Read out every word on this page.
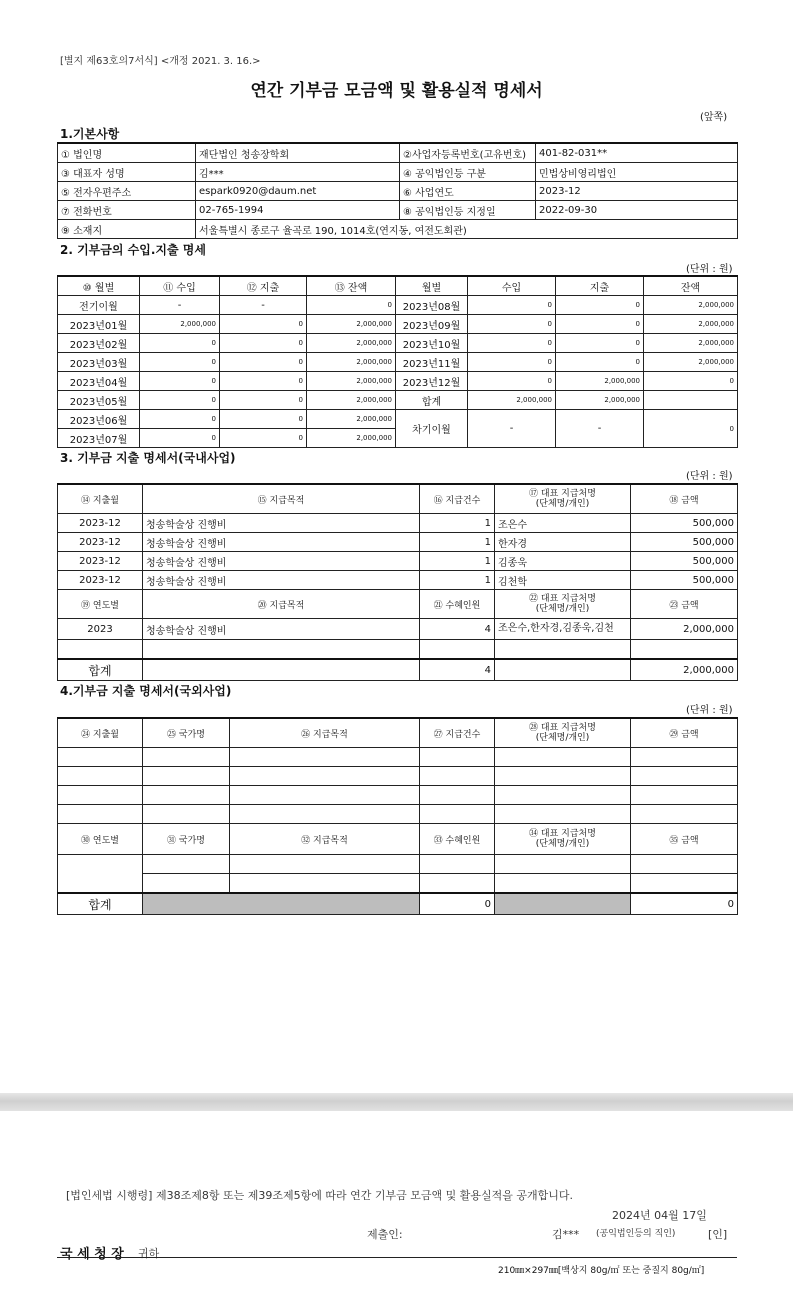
[별지 제63호의7서식] <개정 2021. 3. 16.>
연간 기부금 모금액 및 활용실적 명세서
(앞쪽)
1.기본사항
① 법인명	재단법인 청송장학회	②사업자등록번호(고유번호)	401-82-031**
③ 대표자 성명	김***	④ 공익법인등 구분	민법상비영리법인
⑤ 전자우편주소	espark0920@daum.net	⑥ 사업연도	2023-12
⑦ 전화번호	02-765-1994	⑧ 공익법인등 지정일	2022-09-30
⑨ 소재지	서울특별시 종로구 율곡로 190, 1014호(연지동, 여전도회관)		
2. 기부금의 수입.지출 명세
(단위 : 원)
⑩ 월별	⑪ 수입	⑫ 지출	⑬ 잔액	월별	수입	지출	잔액
전기이월	-	-	0	2023년08월	0	0	2,000,000
2023년01월	2,000,000	0	2,000,000	2023년09월	0	0	2,000,000
2023년02월	0	0	2,000,000	2023년10월	0	0	2,000,000
2023년03월	0	0	2,000,000	2023년11월	0	0	2,000,000
2023년04월	0	0	2,000,000	2023년12월	0	2,000,000	0
2023년05월	0	0	2,000,000	합계	2,000,000	2,000,000	
2023년06월	0	0	2,000,000	차기이월	-	-	0
2023년07월	0	0	2,000,000				
3. 기부금 지출 명세서(국내사업)
(단위 : 원)
⑭ 지출월	⑮ 지급목적	⑯ 지급건수	⑰ 대표 지급처명
(단체명/개인)	⑱ 금액
2023-12	청송학술상 진행비	1	조은수	500,000
2023-12	청송학술상 진행비	1	한자경	500,000
2023-12	청송학술상 진행비	1	김종욱	500,000
2023-12	청송학술상 진행비	1	김천학	500,000
⑲ 연도별	⑳ 지급목적	㉑ 수혜인원	㉒ 대표 지급처명
(단체명/개인)	㉓ 금액
2023	청송학술상 진행비	4	조은수,한자경,김종욱,김천	2,000,000

합계		4		2,000,000
4.기부금 지출 명세서(국외사업)
(단위 : 원)
㉔ 지출월	㉕ 국가명	㉖ 지급목적	㉗ 지급건수	㉘ 대표 지급처명
(단체명/개인)	㉙ 금액

㉚ 연도별	㉛ 국가명	㉜ 지급목적	㉝ 수혜인원	㉞ 대표 지급처명
(단체명/개인)	㉟ 금액

합계			0		0
[법인세법 시행령] 제38조제8항 또는 제39조제5항에 따라 연간 기부금 모금액 및 활용실적을 공개합니다.
2024년 04월 17일
제출인:	김*** (공익법인등의 직인)	[인]
국 세 청 장 귀하
210㎜×297㎜[백상지 80g/㎡ 또는 중질지 80g/㎡]
